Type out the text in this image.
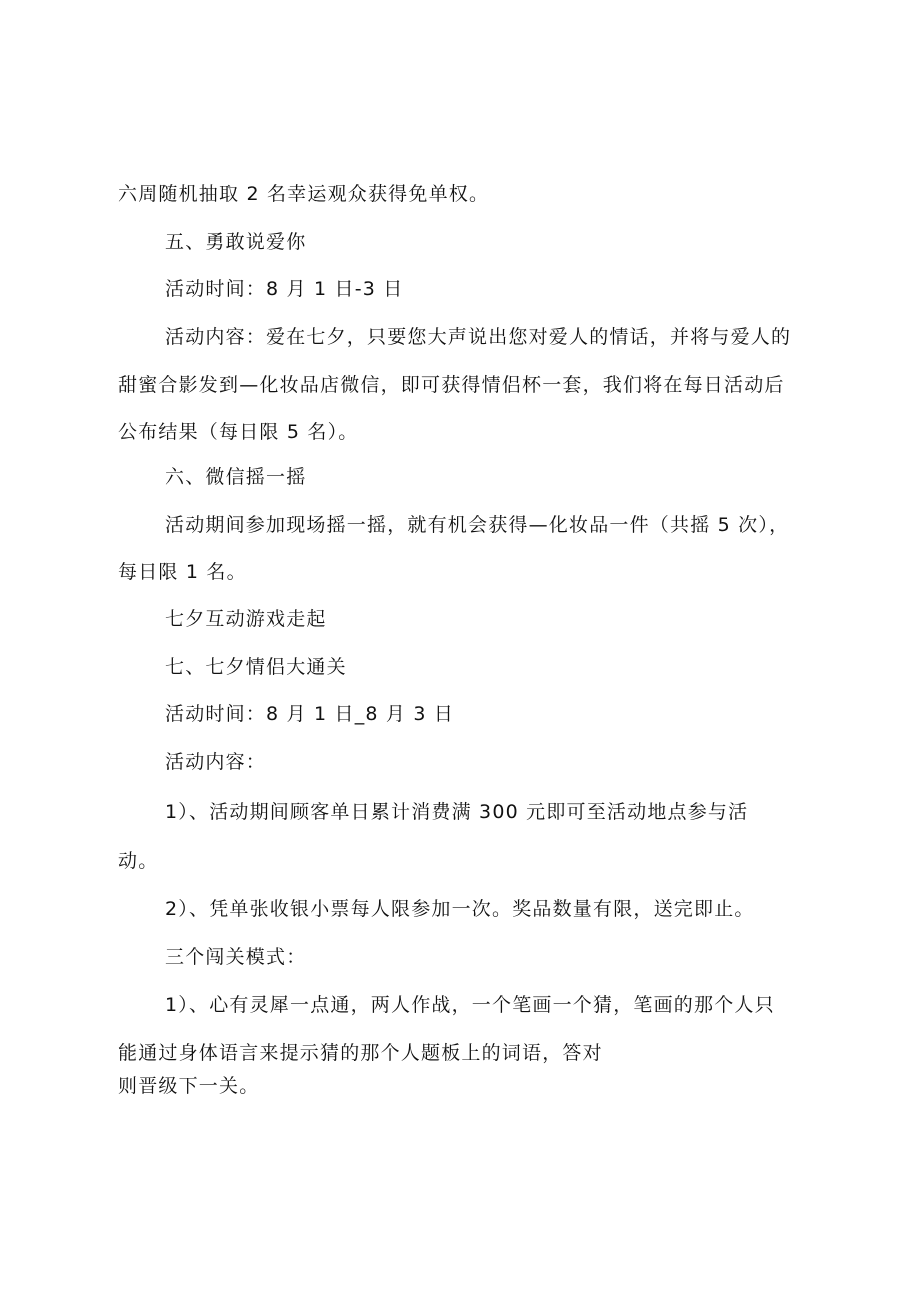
六周随机抽取 2 名幸运观众获得免单权。
五、勇敢说爱你
活动时间：8 月 1 日-3 日
活动内容：爱在七夕，只要您大声说出您对爱人的情话，并将与爱人的
甜蜜合影发到—化妆品店微信，即可获得情侣杯一套，我们将在每日活动后
公布结果（每日限 5 名）。
六、微信摇一摇
活动期间参加现场摇一摇，就有机会获得—化妆品一件（共摇 5 次），
每日限 1 名。
七夕互动游戏走起
七、七夕情侣大通关
活动时间：8 月 1 日_8 月 3 日
活动内容：
1）、活动期间顾客单日累计消费满 300 元即可至活动地点参与活
动。
2）、凭单张收银小票每人限参加一次。奖品数量有限，送完即止。
三个闯关模式：
1）、心有灵犀一点通，两人作战，一个笔画一个猜，笔画的那个人只
能通过身体语言来提示猜的那个人题板上的词语，答对
则晋级下一关。
